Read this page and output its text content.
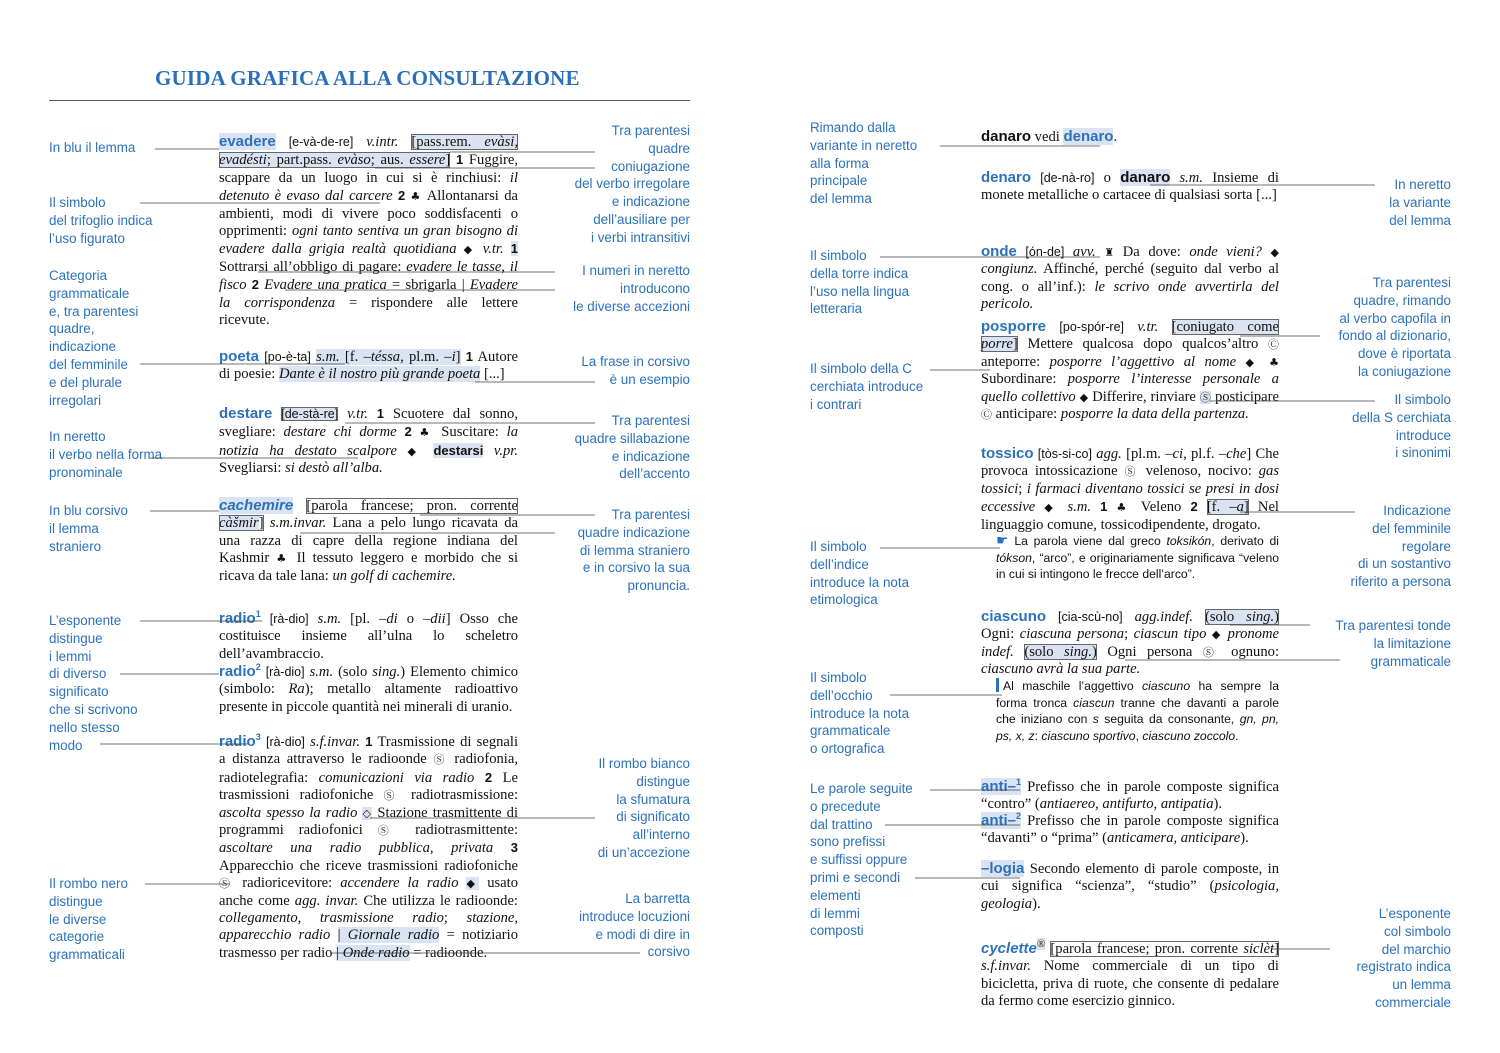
GUIDA GRAFICA ALLA CONSULTAZIONE
In blu il lemma
Il simbolo
del trifoglio indica
l’uso figurato
Categoria
grammaticale
e, tra parentesi
quadre,
indicazione
del femminile
e del plurale
irregolari
In neretto
il verbo nella forma
pronominale
In blu corsivo
il lemma
straniero
L’esponente
distingue
i lemmi
di diverso
significato
che si scrivono
nello stesso
modo
Il rombo nero
distingue
le diverse
categorie
grammaticali
Tra parentesi
quadre
coniugazione
del verbo irregolare
e indicazione
dell’ausiliare per
i verbi intransitivi
I numeri in neretto
introducono
le diverse accezioni
La frase in corsivo
è un esempio
Tra parentesi
quadre sillabazione
e indicazione
dell’accento
Tra parentesi
quadre indicazione
di lemma straniero
e in corsivo la sua
pronuncia.
Il rombo bianco
distingue
la sfumatura
di significato
all’interno
di un’accezione
La barretta
introduce locuzioni
e modi di dire in
corsivo
Rimando dalla
variante in neretto
alla forma
principale
del lemma
Il simbolo
della torre indica
l’uso nella lingua
letteraria
Il simbolo della C
cerchiata introduce
i contrari
Il simbolo
dell’indice
introduce la nota
etimologica
Il simbolo
dell’occhio
introduce la nota
grammaticale
o ortografica
Le parole seguite
o precedute
dal trattino
sono prefissi
e suffissi oppure
primi e secondi
elementi
di lemmi
composti
In neretto
la variante
del lemma
Tra parentesi
quadre, rimando
al verbo capofila in
fondo al dizionario,
dove è riportata
la coniugazione
Il simbolo
della S cerchiata
introduce
i sinonimi
Indicazione
del femminile
regolare
di un sostantivo
riferito a persona
Tra parentesi tonde
la limitazione
grammaticale
L’esponente
col simbolo
del marchio
registrato indica
un lemma
commerciale
evadere [e-và-de-re] v.intr. [pass.rem. evàsi, evadésti; part.pass. evàso; aus. essere] 1 Fuggire, scappare da un luogo in cui si è rinchiusi: il detenuto è evaso dal carcere 2 ♣ Allontanarsi da ambienti, modi di vivere poco soddisfacenti o opprimenti: ogni tanto sentiva un gran bisogno di evadere dalla grigia realtà quotidiana ◆ v.tr. 1 Sottrarsi all’obbligo di pagare: evadere le tasse, il fisco 2 Evadere una pratica = sbrigarla | Evadere la corrispondenza = rispondere alle lettere ricevute.
poeta [po-è-ta] s.m. [f. –téssa, pl.m. –i] 1 Autore di poesie: Dante è il nostro più grande poeta [...]
destare [de-stà-re] v.tr. 1 Scuotere dal sonno, svegliare: destare chi dorme 2 ♣ Suscitare: la notizia ha destato scalpore ◆ destarsi v.pr. Svegliarsi: si destò all’alba.
cachemire [parola francese; pron. corrente càšmir] s.m.invar. Lana a pelo lungo ricavata da una razza di capre della regione indiana del Kashmir ♣ Il tessuto leggero e morbido che si ricava da tale lana: un golf di cachemire.
radio$^1$ [rà-dio] s.m. [pl. –di o –dii] Osso che costituisce insieme all’ulna lo scheletro dell’avambraccio.
radio$^2$ [rà-dio] s.m. (solo sing.) Elemento chimico (simbolo: Ra); metallo altamente radioattivo presente in piccole quantità nei minerali di uranio.
radio$^3$ [rà-dio] s.f.invar. 1 Trasmissione di segnali a distanza attraverso le radioonde Ⓢ radiofonia, radiotelegrafia: comunicazioni via radio 2 Le trasmissioni radiofoniche Ⓢ radiotrasmissione: ascolta spesso la radio ◇ Stazione trasmittente di programmi radiofonici Ⓢ radiotrasmittente: ascoltare una radio pubblica, privata 3 Apparecchio che riceve trasmissioni radiofoniche Ⓢ radioricevitore: accendere la radio ◆ usato anche come agg. invar. Che utilizza le radioonde: collegamento, trasmissione radio; stazione, apparecchio radio | Giornale radio = notiziario trasmesso per radio | Onde radio = radioonde.
danaro vedi denaro.
denaro [de-nà-ro] o danaro s.m. Insieme di monete metalliche o cartacee di qualsiasi sorta [...]
onde [ón-de] avv. ♜ Da dove: onde vieni? ◆ congiunz. Affinché, perché (seguito dal verbo al cong. o all’inf.): le scrivo onde avvertirla del pericolo.
posporre [po-spór-re] v.tr. [coniugato come porre] Mettere qualcosa dopo qualcos’altro Ⓒ anteporre: posporre l’aggettivo al nome ◆ ♣ Subordinare: posporre l’interesse personale a quello collettivo ◆ Differire, rinviare Ⓢ posticipare Ⓒ anticipare: posporre la data della partenza.
tossico [tòs-si-co] agg. [pl.m. –ci, pl.f. –che] Che provoca intossicazione Ⓢ velenoso, nocivo: gas tossici; i farmaci diventano tossici se presi in dosi eccessive ◆ s.m. 1 ♣ Veleno 2 [f. –a] Nel linguaggio comune, tossicodipendente, drogato.
☛ La parola viene dal greco toksikón, derivato di tókson, “arco”, e originariamente significava “veleno in cui si intingono le frecce dell’arco”.
ciascuno [cia-scù-no] agg.indef. (solo sing.) Ogni: ciascuna persona; ciascun tipo ◆ pronome indef. (solo sing.) Ogni persona Ⓢ ognuno: ciascuno avrà la sua parte.
Al maschile l’aggettivo ciascuno ha sempre la forma tronca ciascun tranne che davanti a parole che iniziano con s seguita da consonante, gn, pn, ps, x, z: ciascuno sportivo, ciascuno zoccolo.
anti–$^1$ Prefisso che in parole composte significa “contro” (antiaereo, antifurto, antipatia).
anti–$^2$ Prefisso che in parole composte significa “davanti” o “prima” (anticamera, anticipare).
–logia Secondo elemento di parole composte, in cui significa “scienza”, “studio” (psicologia, geologia).
cyclette® [parola francese; pron. corrente siclèt] s.f.invar. Nome commerciale di un tipo di bicicletta, priva di ruote, che consente di pedalare da fermo come esercizio ginnico.
